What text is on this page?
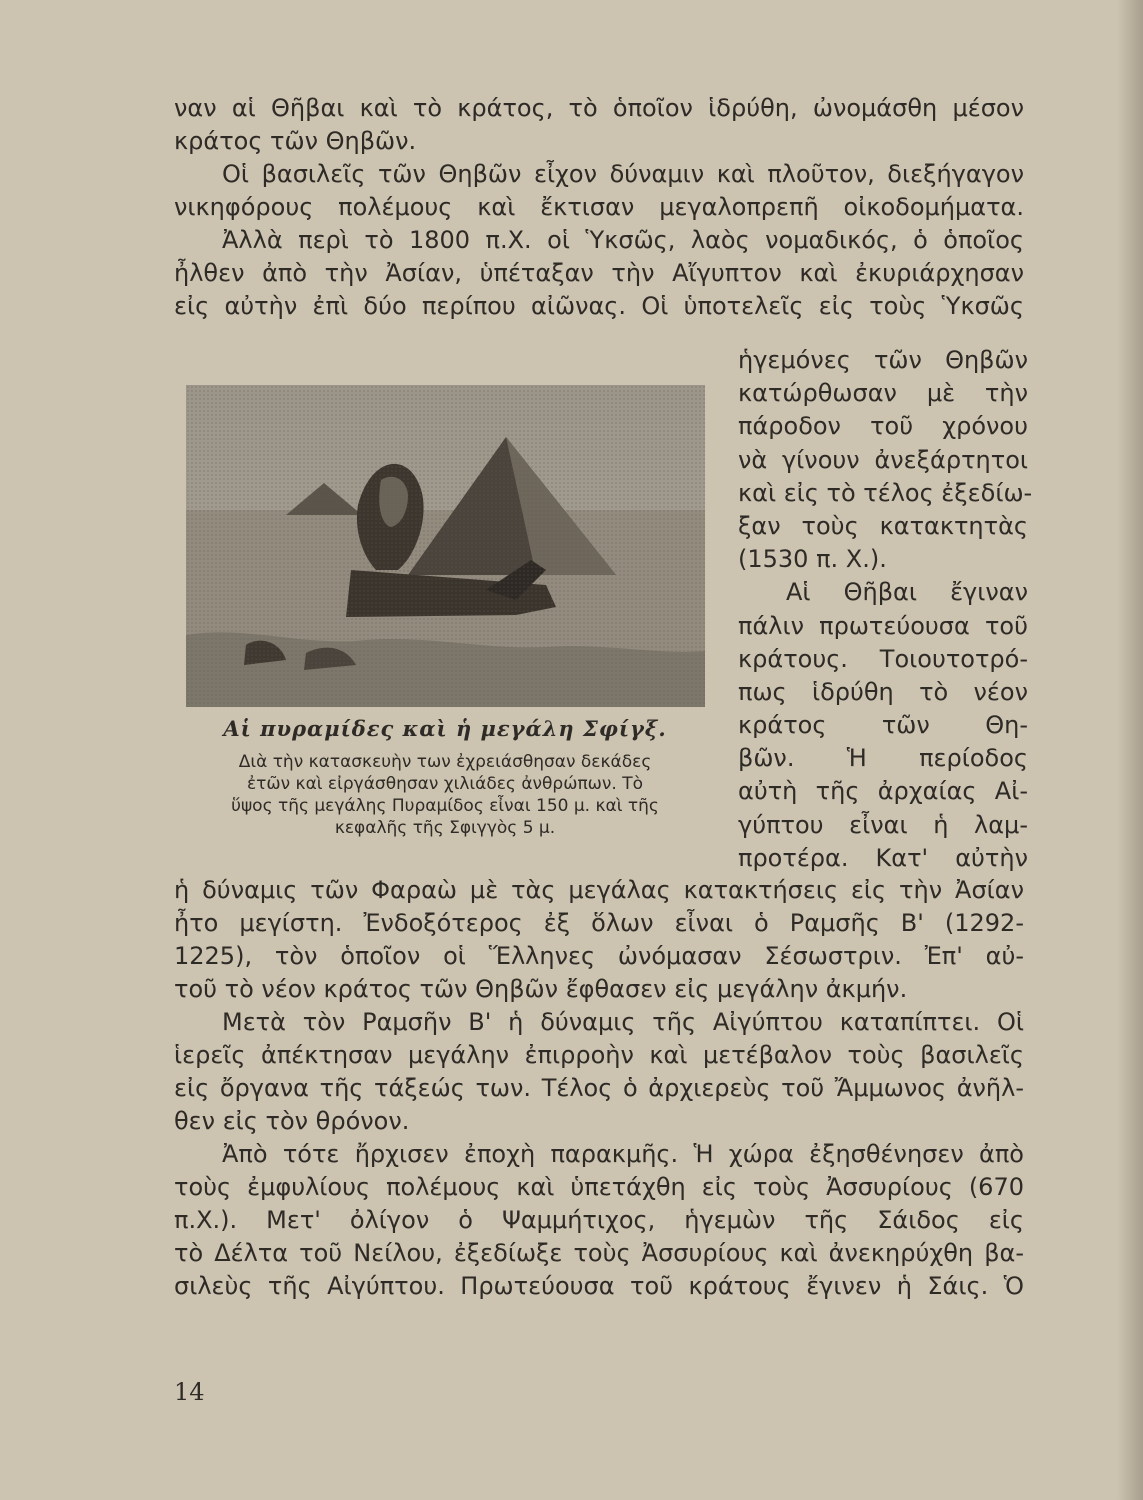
ναν αἱ Θῆβαι καὶ τὸ κράτος, τὸ ὁποῖον ἱδρύθη, ὠνομάσθη μέσον
κράτος τῶν Θηβῶν.
Οἱ βασιλεῖς τῶν Θηβῶν εἶχον δύναμιν καὶ πλοῦτον, διεξήγαγον
νικηφόρους πολέμους καὶ ἔκτισαν μεγαλοπρεπῆ οἰκοδομήματα.
Ἀλλὰ περὶ τὸ 1800 π.Χ. οἱ Ὑκσῶς, λαὸς νομαδικός, ὁ ὁποῖος
ἦλθεν ἀπὸ τὴν Ἀσίαν, ὑπέταξαν τὴν Αἴγυπτον καὶ ἐκυριάρχησαν
εἰς αὐτὴν ἐπὶ δύο περίπου αἰῶνας. Οἱ ὑποτελεῖς εἰς τοὺς Ὑκσῶς
Αἱ πυραμίδες καὶ ἡ μεγάλη Σφίγξ.
Διὰ τὴν κατασκευὴν των ἐχρειάσθησαν δεκάδες
ἐτῶν καὶ εἰργάσθησαν χιλιάδες ἀνθρώπων. Τὸ
ὕψος τῆς μεγάλης Πυραμίδος εἶναι 150 μ. καὶ τῆς
κεφαλῆς τῆς Σφιγγὸς 5 μ.
ἡγεμόνες τῶν Θηβῶν
κατώρθωσαν μὲ τὴν
πάροδον τοῦ χρόνου
νὰ γίνουν ἀνεξάρτητοι
καὶ εἰς τὸ τέλος ἐξεδίω-
ξαν τοὺς κατακτητὰς
(1530 π. Χ.).
Αἱ Θῆβαι ἔγιναν
πάλιν πρωτεύουσα τοῦ
κράτους. Τοιουτοτρό-
πως ἱδρύθη τὸ νέον
κράτος τῶν Θη-
βῶν. Ἡ περίοδος
αὐτὴ τῆς ἀρχαίας Αἰ-
γύπτου εἶναι ἡ λαμ-
προτέρα. Κατ' αὐτὴν
ἡ δύναμις τῶν Φαραὼ μὲ τὰς μεγάλας κατακτήσεις εἰς τὴν Ἀσίαν
ἦτο μεγίστη. Ἐνδοξότερος ἐξ ὅλων εἶναι ὁ Ραμσῆς Β' (1292-
1225), τὸν ὁποῖον οἱ Ἕλληνες ὠνόμασαν Σέσωστριν. Ἐπ' αὐ-
τοῦ τὸ νέον κράτος τῶν Θηβῶν ἔφθασεν εἰς μεγάλην ἀκμήν.
Μετὰ τὸν Ραμσῆν Β' ἡ δύναμις τῆς Αἰγύπτου καταπίπτει. Οἱ
ἱερεῖς ἀπέκτησαν μεγάλην ἐπιρροὴν καὶ μετέβαλον τοὺς βασιλεῖς
εἰς ὄργανα τῆς τάξεώς των. Τέλος ὁ ἀρχιερεὺς τοῦ Ἄμμωνος ἀνῆλ-
θεν εἰς τὸν θρόνον.
Ἀπὸ τότε ἤρχισεν ἐποχὴ παρακμῆς. Ἡ χώρα ἐξησθένησεν ἀπὸ
τοὺς ἐμφυλίους πολέμους καὶ ὑπετάχθη εἰς τοὺς Ἀσσυρίους (670
π.Χ.). Μετ' ὀλίγον ὁ Ψαμμήτιχος, ἡγεμὼν τῆς Σάιδος εἰς
τὸ Δέλτα τοῦ Νείλου, ἐξεδίωξε τοὺς Ἀσσυρίους καὶ ἀνεκηρύχθη βα-
σιλεὺς τῆς Αἰγύπτου. Πρωτεύουσα τοῦ κράτους ἔγινεν ἡ Σάις. Ὁ
14
